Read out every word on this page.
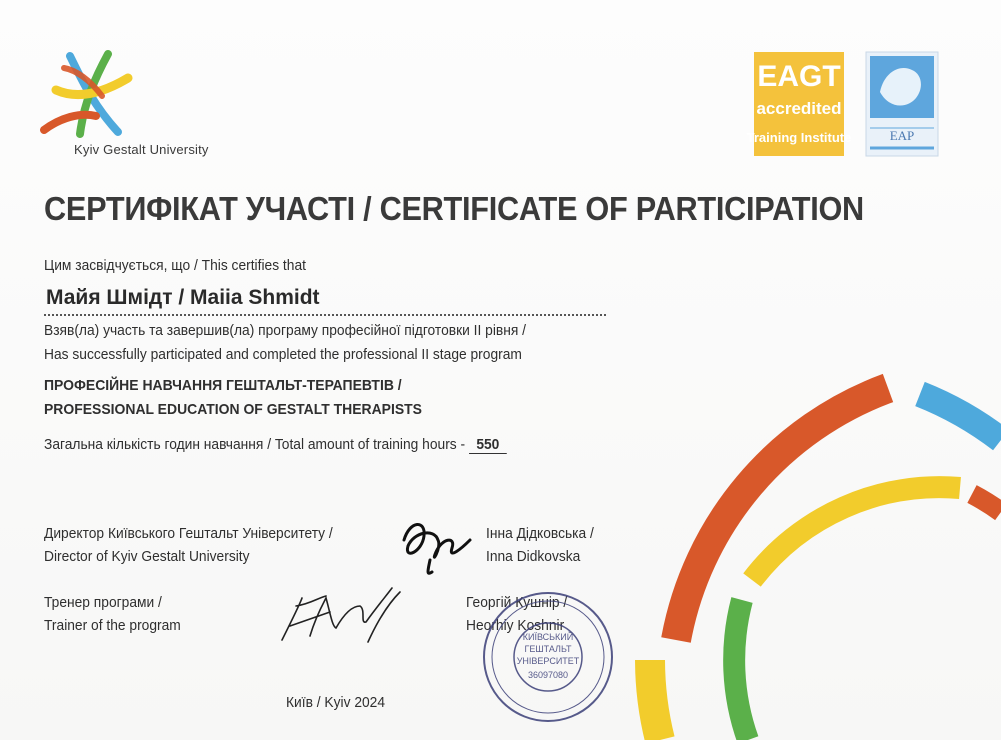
Kyiv Gestalt University
EAGT
accredited
Training Institute	EAP
СЕРТИФІКАТ УЧАСТІ / CERTIFICATE OF PARTICIPATION
Цим засвідчується, що / This certifies that
Майя Шмідт / Maiia Shmidt
Взяв(ла) участь та завершив(ла) програму професійної підготовки II рівня /
Has successfully participated and completed the professional II stage program
ПРОФЕСІЙНЕ НАВЧАННЯ ГЕШТАЛЬТ-ТЕРАПЕВТІВ /
PROFESSIONAL EDUCATION OF GESTALT THERAPISTS
Загальна кількість годин навчання / Total amount of training hours - 550
Директор Київського Гештальт Університету /
Director of Kyiv Gestalt University
Інна Дідковська /
Inna Didkovska
Тренер програми /
Trainer of the program
Георгій Кушнір /
Heorhiy Koshnir
КИЇВСЬКИЙ
ГЕШТАЛЬТ
УНІВЕРСИТЕТ
36097080
Київ / Kyiv 2024
